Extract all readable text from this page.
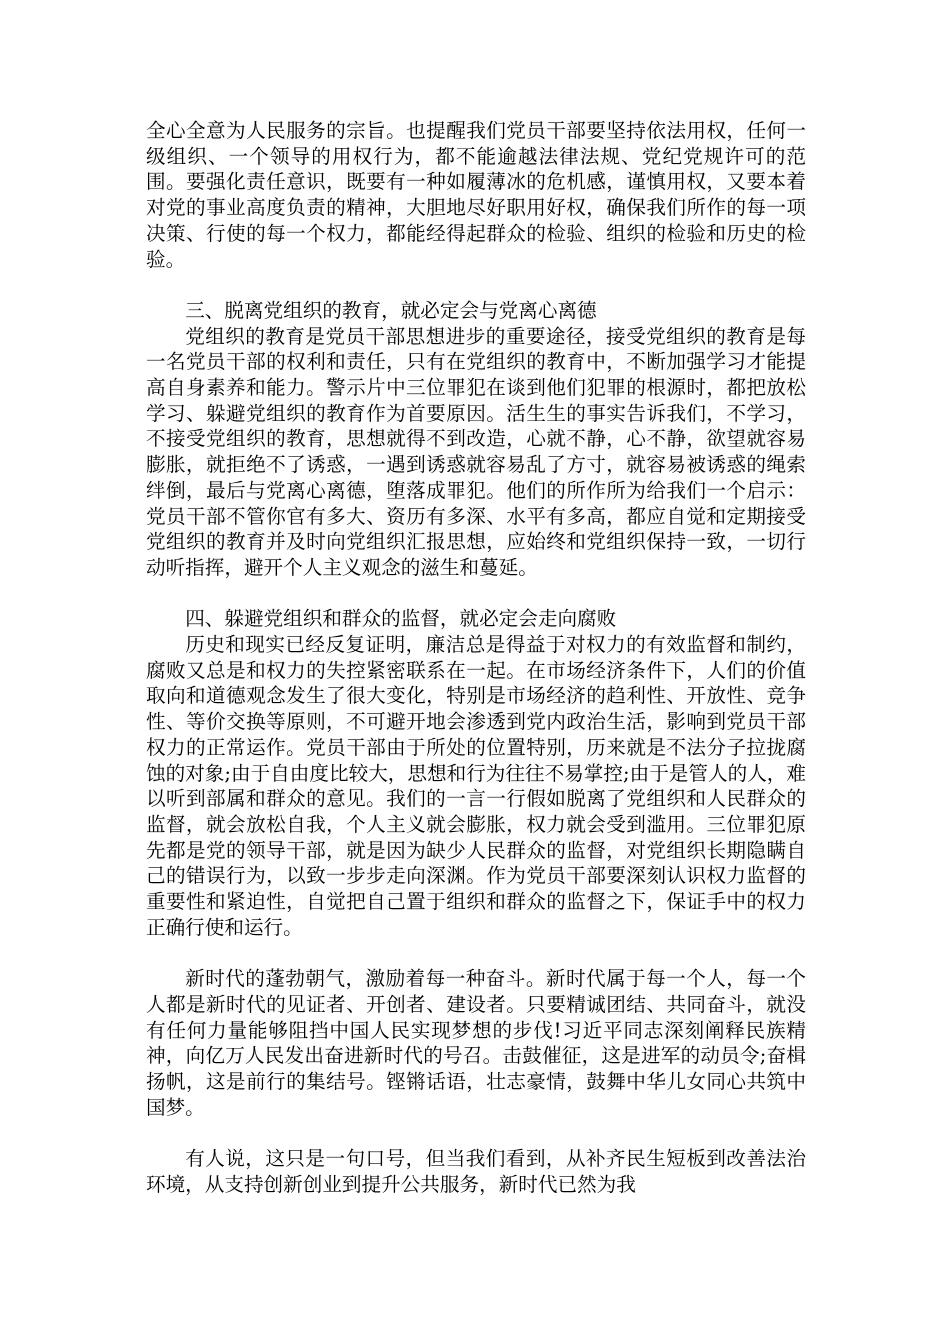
全心全意为人民服务的宗旨。也提醒我们党员干部要坚持依法用权，任何一级组织、一个领导的用权行为，都不能逾越法律法规、党纪党规许可的范围。要强化责任意识，既要有一种如履薄冰的危机感，谨慎用权，又要本着对党的事业高度负责的精神，大胆地尽好职用好权，确保我们所作的每一项决策、行使的每一个权力，都能经得起群众的检验、组织的检验和历史的检验。

三、脱离党组织的教育，就必定会与党离心离德

党组织的教育是党员干部思想进步的重要途径，接受党组织的教育是每一名党员干部的权利和责任，只有在党组织的教育中，不断加强学习才能提高自身素养和能力。警示片中三位罪犯在谈到他们犯罪的根源时，都把放松学习、躲避党组织的教育作为首要原因。活生生的事实告诉我们，不学习，不接受党组织的教育，思想就得不到改造，心就不静，心不静，欲望就容易膨胀，就拒绝不了诱惑，一遇到诱惑就容易乱了方寸，就容易被诱惑的绳索绊倒，最后与党离心离德，堕落成罪犯。他们的所作所为给我们一个启示：党员干部不管你官有多大、资历有多深、水平有多高，都应自觉和定期接受党组织的教育并及时向党组织汇报思想，应始终和党组织保持一致，一切行动听指挥，避开个人主义观念的滋生和蔓延。

四、躲避党组织和群众的监督，就必定会走向腐败

历史和现实已经反复证明，廉洁总是得益于对权力的有效监督和制约，腐败又总是和权力的失控紧密联系在一起。在市场经济条件下，人们的价值取向和道德观念发生了很大变化，特别是市场经济的趋利性、开放性、竞争性、等价交换等原则，不可避开地会渗透到党内政治生活，影响到党员干部权力的正常运作。党员干部由于所处的位置特别，历来就是不法分子拉拢腐蚀的对象;由于自由度比较大，思想和行为往往不易掌控;由于是管人的人，难以听到部属和群众的意见。我们的一言一行假如脱离了党组织和人民群众的监督，就会放松自我，个人主义就会膨胀，权力就会受到滥用。三位罪犯原先都是党的领导干部，就是因为缺少人民群众的监督，对党组织长期隐瞒自己的错误行为，以致一步步走向深渊。作为党员干部要深刻认识权力监督的重要性和紧迫性，自觉把自己置于组织和群众的监督之下，保证手中的权力正确行使和运行。

新时代的蓬勃朝气，激励着每一种奋斗。新时代属于每一个人，每一个人都是新时代的见证者、开创者、建设者。只要精诚团结、共同奋斗，就没有任何力量能够阻挡中国人民实现梦想的步伐!习近平同志深刻阐释民族精神，向亿万人民发出奋进新时代的号召。击鼓催征，这是进军的动员令;奋楫扬帆，这是前行的集结号。铿锵话语，壮志豪情，鼓舞中华儿女同心共筑中国梦。

有人说，这只是一句口号，但当我们看到，从补齐民生短板到改善法治环境，从支持创新创业到提升公共服务，新时代已然为我
